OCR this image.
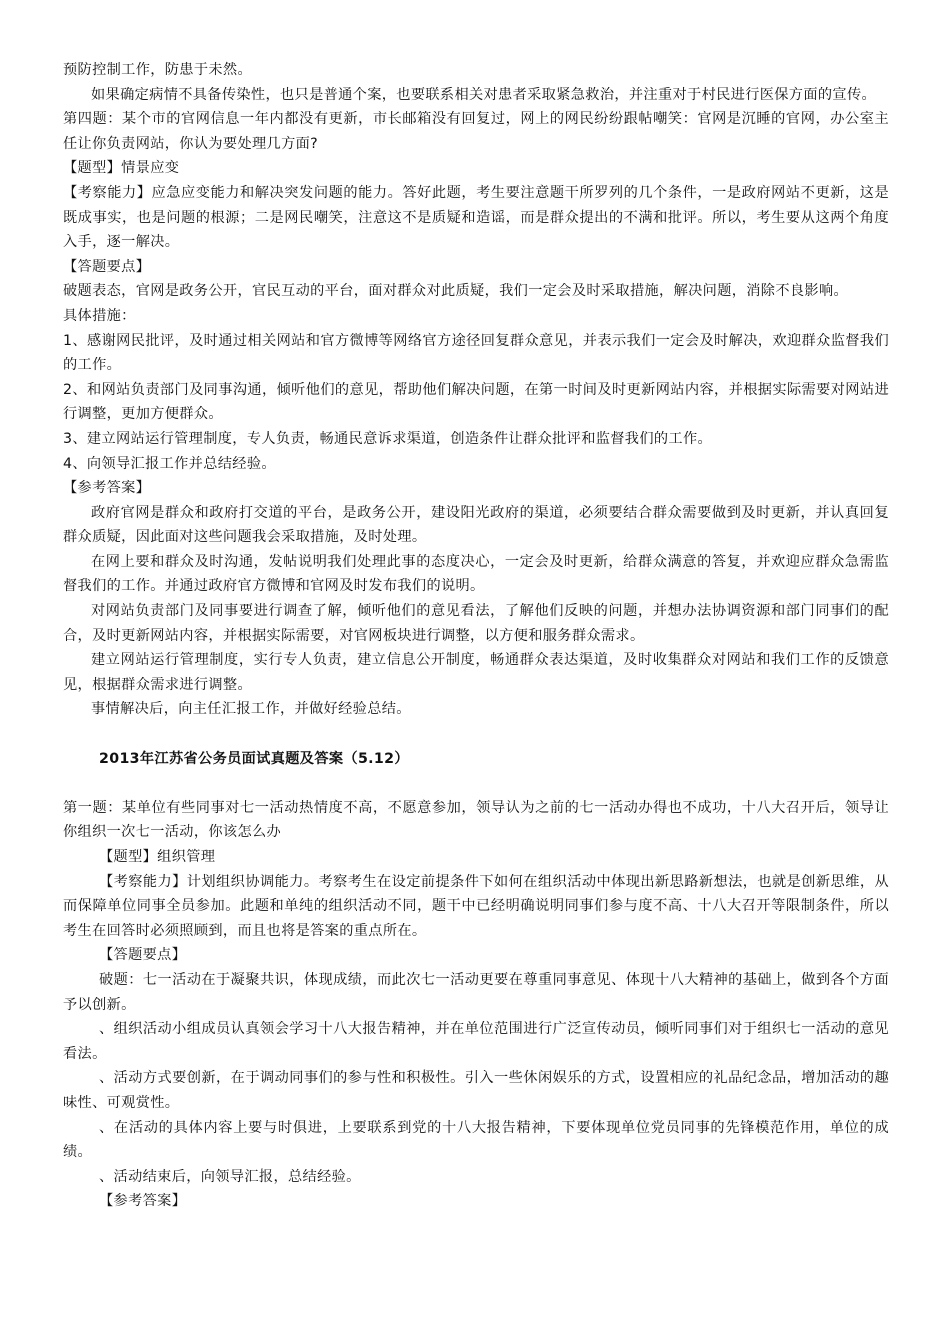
预防控制工作，防患于未然。

如果确定病情不具备传染性，也只是普通个案，也要联系相关对患者采取紧急救治，并注重对于村民进行医保方面的宣传。

第四题：某个市的官网信息一年内都没有更新，市长邮箱没有回复过，网上的网民纷纷跟帖嘲笑：官网是沉睡的官网，办公室主任让你负责网站，你认为要处理几方面?

【题型】情景应变

【考察能力】应急应变能力和解决突发问题的能力。答好此题，考生要注意题干所罗列的几个条件，一是政府网站不更新，这是既成事实，也是问题的根源；二是网民嘲笑，注意这不是质疑和造谣，而是群众提出的不满和批评。所以，考生要从这两个角度入手，逐一解决。

【答题要点】

破题表态，官网是政务公开，官民互动的平台，面对群众对此质疑，我们一定会及时采取措施，解决问题，消除不良影响。

具体措施：

1、感谢网民批评，及时通过相关网站和官方微博等网络官方途径回复群众意见，并表示我们一定会及时解决，欢迎群众监督我们的工作。

2、和网站负责部门及同事沟通，倾听他们的意见，帮助他们解决问题，在第一时间及时更新网站内容，并根据实际需要对网站进行调整，更加方便群众。

3、建立网站运行管理制度，专人负责，畅通民意诉求渠道，创造条件让群众批评和监督我们的工作。

4、向领导汇报工作并总结经验。

【参考答案】

政府官网是群众和政府打交道的平台，是政务公开，建设阳光政府的渠道，必须要结合群众需要做到及时更新，并认真回复群众质疑，因此面对这些问题我会采取措施，及时处理。

在网上要和群众及时沟通，发帖说明我们处理此事的态度决心，一定会及时更新，给群众满意的答复，并欢迎应群众急需监督我们的工作。并通过政府官方微博和官网及时发布我们的说明。

对网站负责部门及同事要进行调查了解，倾听他们的意见看法，了解他们反映的问题，并想办法协调资源和部门同事们的配合，及时更新网站内容，并根据实际需要，对官网板块进行调整，以方便和服务群众需求。

建立网站运行管理制度，实行专人负责，建立信息公开制度，畅通群众表达渠道，及时收集群众对网站和我们工作的反馈意见，根据群众需求进行调整。

事情解决后，向主任汇报工作，并做好经验总结。

2013年江苏省公务员面试真题及答案（5.12）

第一题：某单位有些同事对七一活动热情度不高，不愿意参加，领导认为之前的七一活动办得也不成功，十八大召开后，领导让你组织一次七一活动，你该怎么办

【题型】组织管理

【考察能力】计划组织协调能力。考察考生在设定前提条件下如何在组织活动中体现出新思路新想法，也就是创新思维，从而保障单位同事全员参加。此题和单纯的组织活动不同，题干中已经明确说明同事们参与度不高、十八大召开等限制条件，所以考生在回答时必须照顾到，而且也将是答案的重点所在。

【答题要点】

破题：七一活动在于凝聚共识，体现成绩，而此次七一活动更要在尊重同事意见、体现十八大精神的基础上，做到各个方面予以创新。

、组织活动小组成员认真领会学习十八大报告精神，并在单位范围进行广泛宣传动员，倾听同事们对于组织七一活动的意见看法。

、活动方式要创新，在于调动同事们的参与性和积极性。引入一些休闲娱乐的方式，设置相应的礼品纪念品，增加活动的趣味性、可观赏性。

、在活动的具体内容上要与时俱进，上要联系到党的十八大报告精神，下要体现单位党员同事的先锋模范作用，单位的成绩。

、活动结束后，向领导汇报，总结经验。

【参考答案】
